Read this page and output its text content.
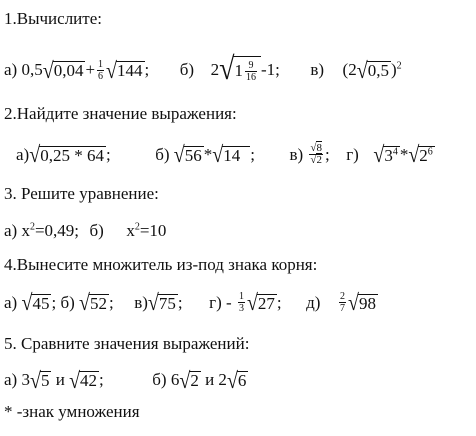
1.Вычислите:
а) $0,5√0,04 + \frac{1}{6} √144$ ; б) $2√1 \frac{9}{16} -1$; в) (2√0,5 )$^2$
2.Найдите значение выражения:
а)√0,25 * 64 ;	б) √56 *√14 ; $в) \frac{√8}{√2}$ ; г) $√3^4$ $*√2^6$
3. Решите уравнение:
а) $х^2=0,49$; б) $х^2=10$
4.Вынесите множитель из-под знака корня:
а) √45 ; б) √52 ; в)√75 ; $г) - \frac{1}{3} √27$ ; $д) \frac{2}{7} √98$
5. Сравните значения выражений:
а) 3√5 и √42 ;	б) 6√2 и 2√6
* -знак умножения
